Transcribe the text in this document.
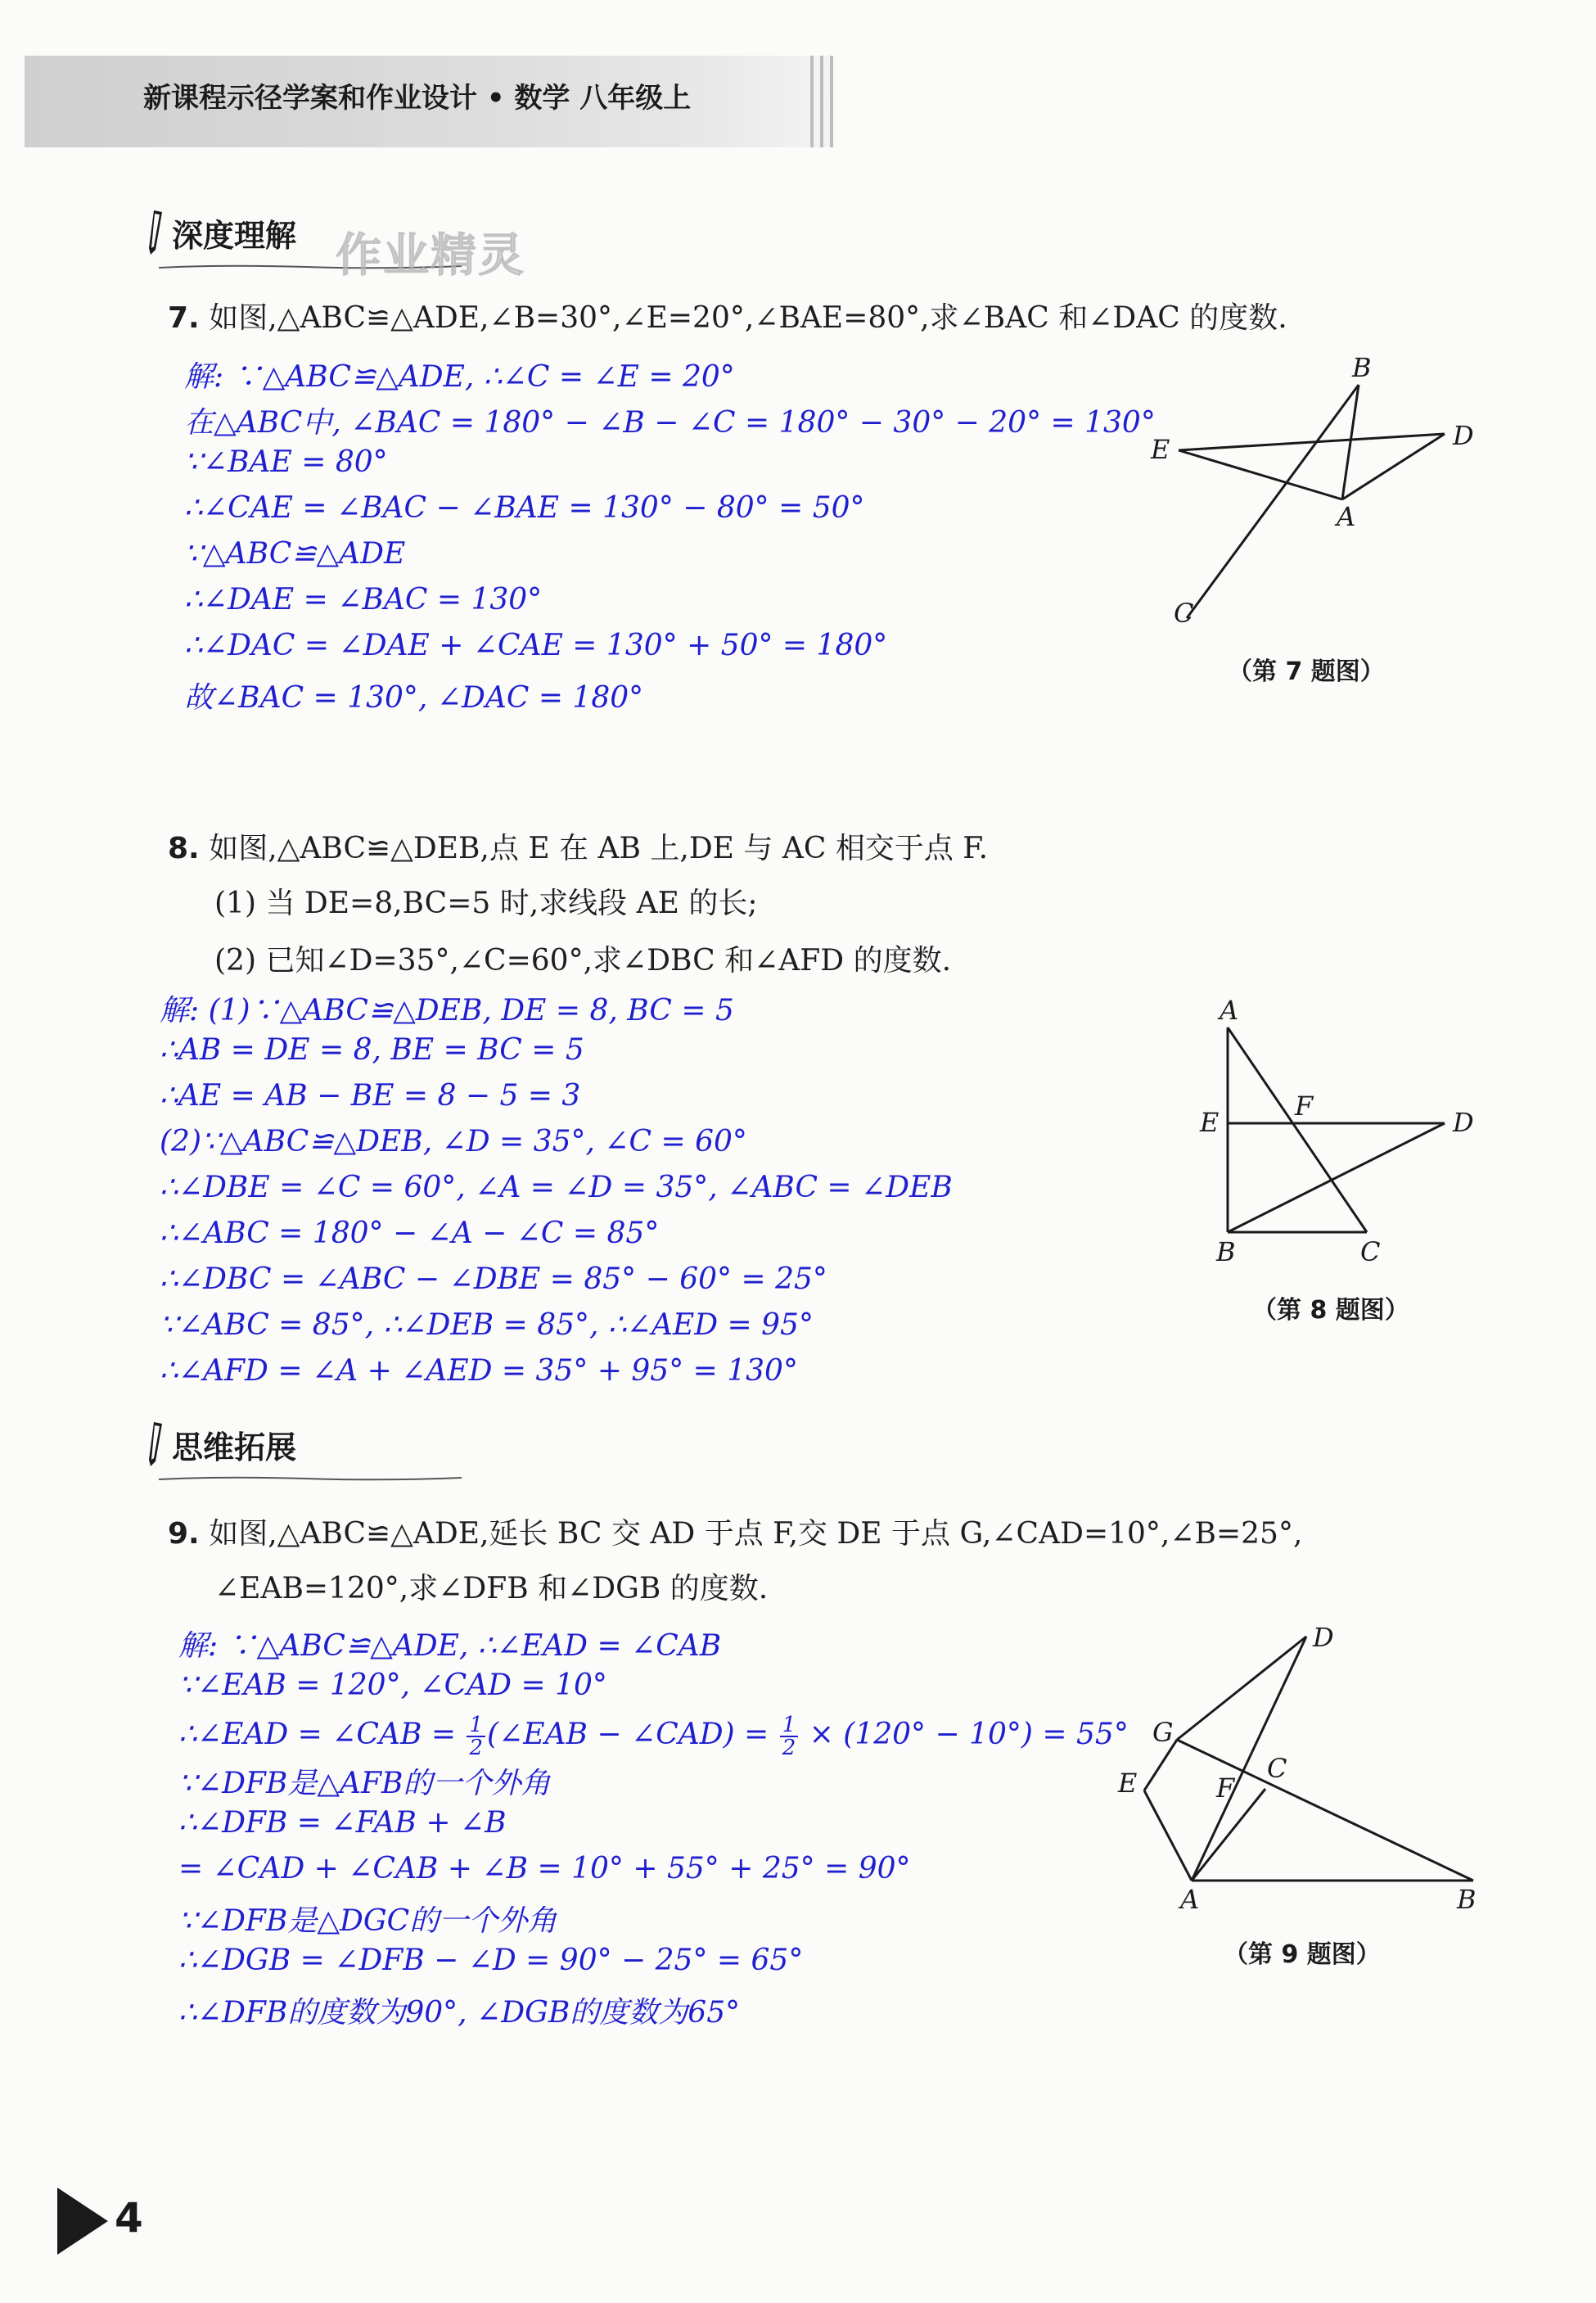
新课程示径学案和作业设计 • 数学 八年级上
深度理解 作业精灵
7. 如图,△ABC≌△ADE,∠B=30°,∠E=20°,∠BAE=80°,求∠BAC 和∠DAC 的度数.
解: ∵△ABC≌△ADE, ∴∠C = ∠E = 20°
在△ABC中, ∠BAC = 180° − ∠B − ∠C = 180° − 30° − 20° = 130°
∵∠BAE = 80°
∴∠CAE = ∠BAC − ∠BAE = 130° − 80° = 50°
∵△ABC≌△ADE
∴∠DAE = ∠BAC = 130°
∴∠DAC = ∠DAE + ∠CAE = 130° + 50° = 180°
故∠BAC = 130°, ∠DAC = 180°
B
D
E
A
C
（第 7 题图）
8. 如图,△ABC≌△DEB,点 E 在 AB 上,DE 与 AC 相交于点 F.
(1) 当 DE=8,BC=5 时,求线段 AE 的长;
(2) 已知∠D=35°,∠C=60°,求∠DBC 和∠AFD 的度数.
解: (1)∵△ABC≌△DEB, DE = 8, BC = 5
∴AB = DE = 8, BE = BC = 5
∴AE = AB − BE = 8 − 5 = 3
(2)∵△ABC≌△DEB, ∠D = 35°, ∠C = 60°
∴∠DBE = ∠C = 60°, ∠A = ∠D = 35°, ∠ABC = ∠DEB
∴∠ABC = 180° − ∠A − ∠C = 85°
∴∠DBC = ∠ABC − ∠DBE = 85° − 60° = 25°
∵∠ABC = 85°, ∴∠DEB = 85°, ∴∠AED = 95°
∴∠AFD = ∠A + ∠AED = 35° + 95° = 130°
A
E
F
D
B	C
（第 8 题图）
思维拓展
9. 如图,△ABC≌△ADE,延长 BC 交 AD 于点 F,交 DE 于点 G,∠CAD=10°,∠B=25°,
∠EAB=120°,求∠DFB 和∠DGB 的度数.
解: ∵△ABC≌△ADE, ∴∠EAD = ∠CAB
∵∠EAB = 120°, ∠CAD = 10°
∴∠EAD = ∠CAB = $\frac{1}{2}$ (∠EAB − ∠CAD) = $\frac{1}{2} \times (120^\circ - 10^\circ) = 55^\circ$
∵∠DFB是△AFB的一个外角
∴∠DFB = ∠FAB + ∠B
= ∠CAD + ∠CAB + ∠B = 10° + 55° + 25° = 90°
∵∠DFB是△DGC的一个外角
∴∠DGB = ∠DFB − ∠D = 90° − 25° = 65°
∴∠DFB的度数为90°, ∠DGB的度数为65°
D
G
C
E	F
A	B
（第 9 题图）
4
